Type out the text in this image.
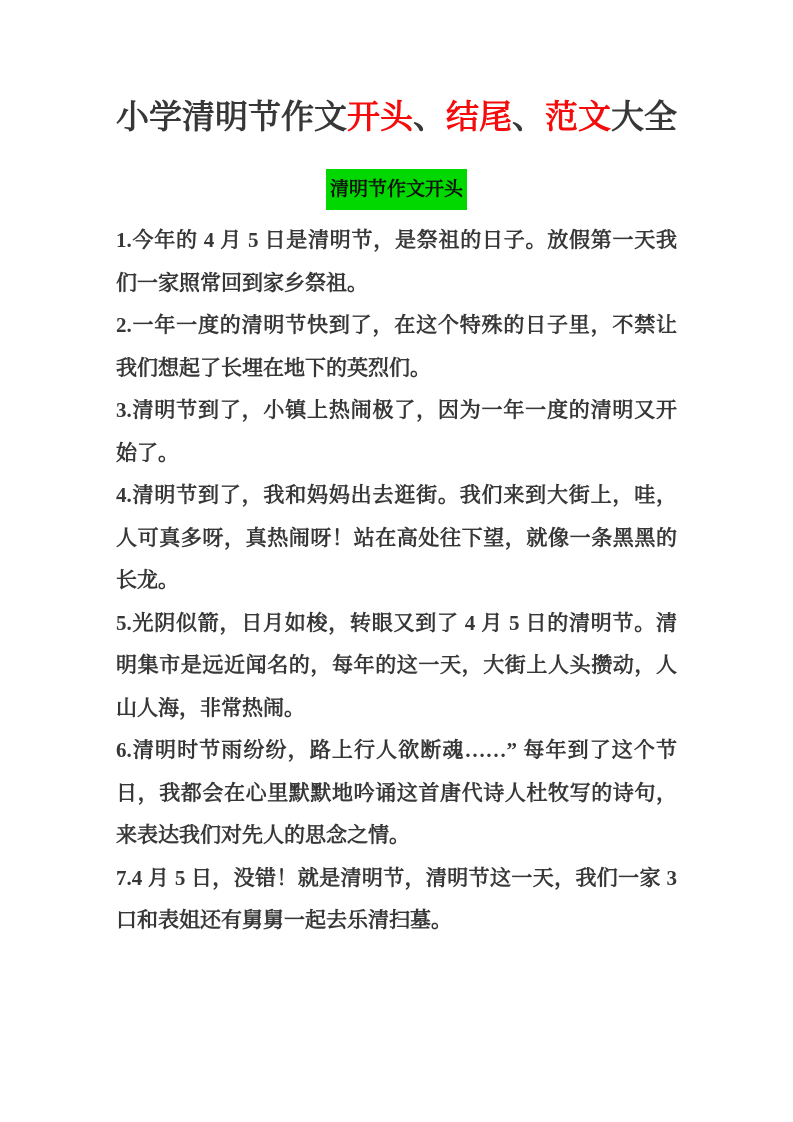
小学清明节作文开头、结尾、范文大全
清明节作文开头

1.今年的 4 月 5 日是清明节，是祭祖的日子。放假第一天我们一家照常回到家乡祭祖。

2.一年一度的清明节快到了，在这个特殊的日子里，不禁让我们想起了长埋在地下的英烈们。

3.清明节到了，小镇上热闹极了，因为一年一度的清明又开始了。

4.清明节到了，我和妈妈出去逛街。我们来到大街上，哇，人可真多呀，真热闹呀！站在高处往下望，就像一条黑黑的长龙。

5.光阴似箭，日月如梭，转眼又到了 4 月 5 日的清明节。清明集市是远近闻名的，每年的这一天，大街上人头攒动，人山人海，非常热闹。

6.清明时节雨纷纷，路上行人欲断魂……” 每年到了这个节日，我都会在心里默默地吟诵这首唐代诗人杜牧写的诗句，来表达我们对先人的思念之情。

7.4 月 5 日，没错！就是清明节，清明节这一天，我们一家 3 口和表姐还有舅舅一起去乐清扫墓。
